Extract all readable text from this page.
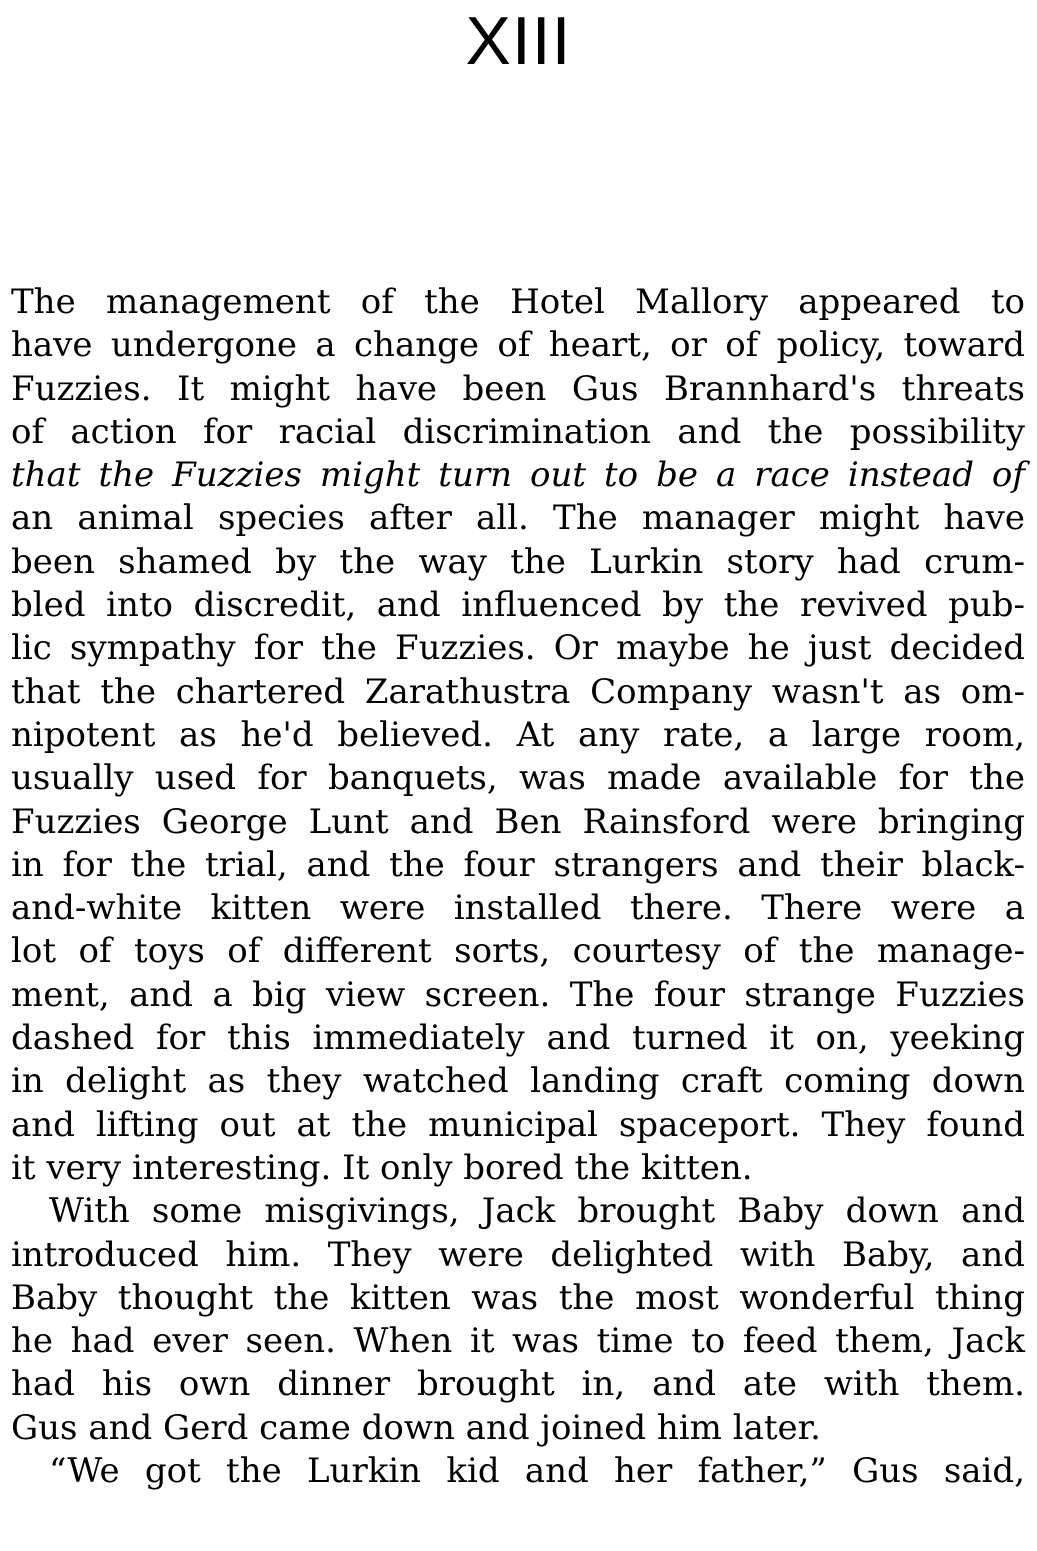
XIII
The management of the Hotel Mallory appeared to
have undergone a change of heart, or of policy, toward
Fuzzies. It might have been Gus Brannhard's threats
of action for racial discrimination and the possibility
that the Fuzzies might turn out to be a race instead of
an animal species after all. The manager might have
been shamed by the way the Lurkin story had crum-
bled into discredit, and influenced by the revived pub-
lic sympathy for the Fuzzies. Or maybe he just decided
that the chartered Zarathustra Company wasn't as om-
nipotent as he'd believed. At any rate, a large room,
usually used for banquets, was made available for the
Fuzzies George Lunt and Ben Rainsford were bringing
in for the trial, and the four strangers and their black-
and-white kitten were installed there. There were a
lot of toys of different sorts, courtesy of the manage-
ment, and a big view screen. The four strange Fuzzies
dashed for this immediately and turned it on, yeeking
in delight as they watched landing craft coming down
and lifting out at the municipal spaceport. They found
it very interesting. It only bored the kitten.
With some misgivings, Jack brought Baby down and
introduced him. They were delighted with Baby, and
Baby thought the kitten was the most wonderful thing
he had ever seen. When it was time to feed them, Jack
had his own dinner brought in, and ate with them.
Gus and Gerd came down and joined him later.
“We got the Lurkin kid and her father,” Gus said,
